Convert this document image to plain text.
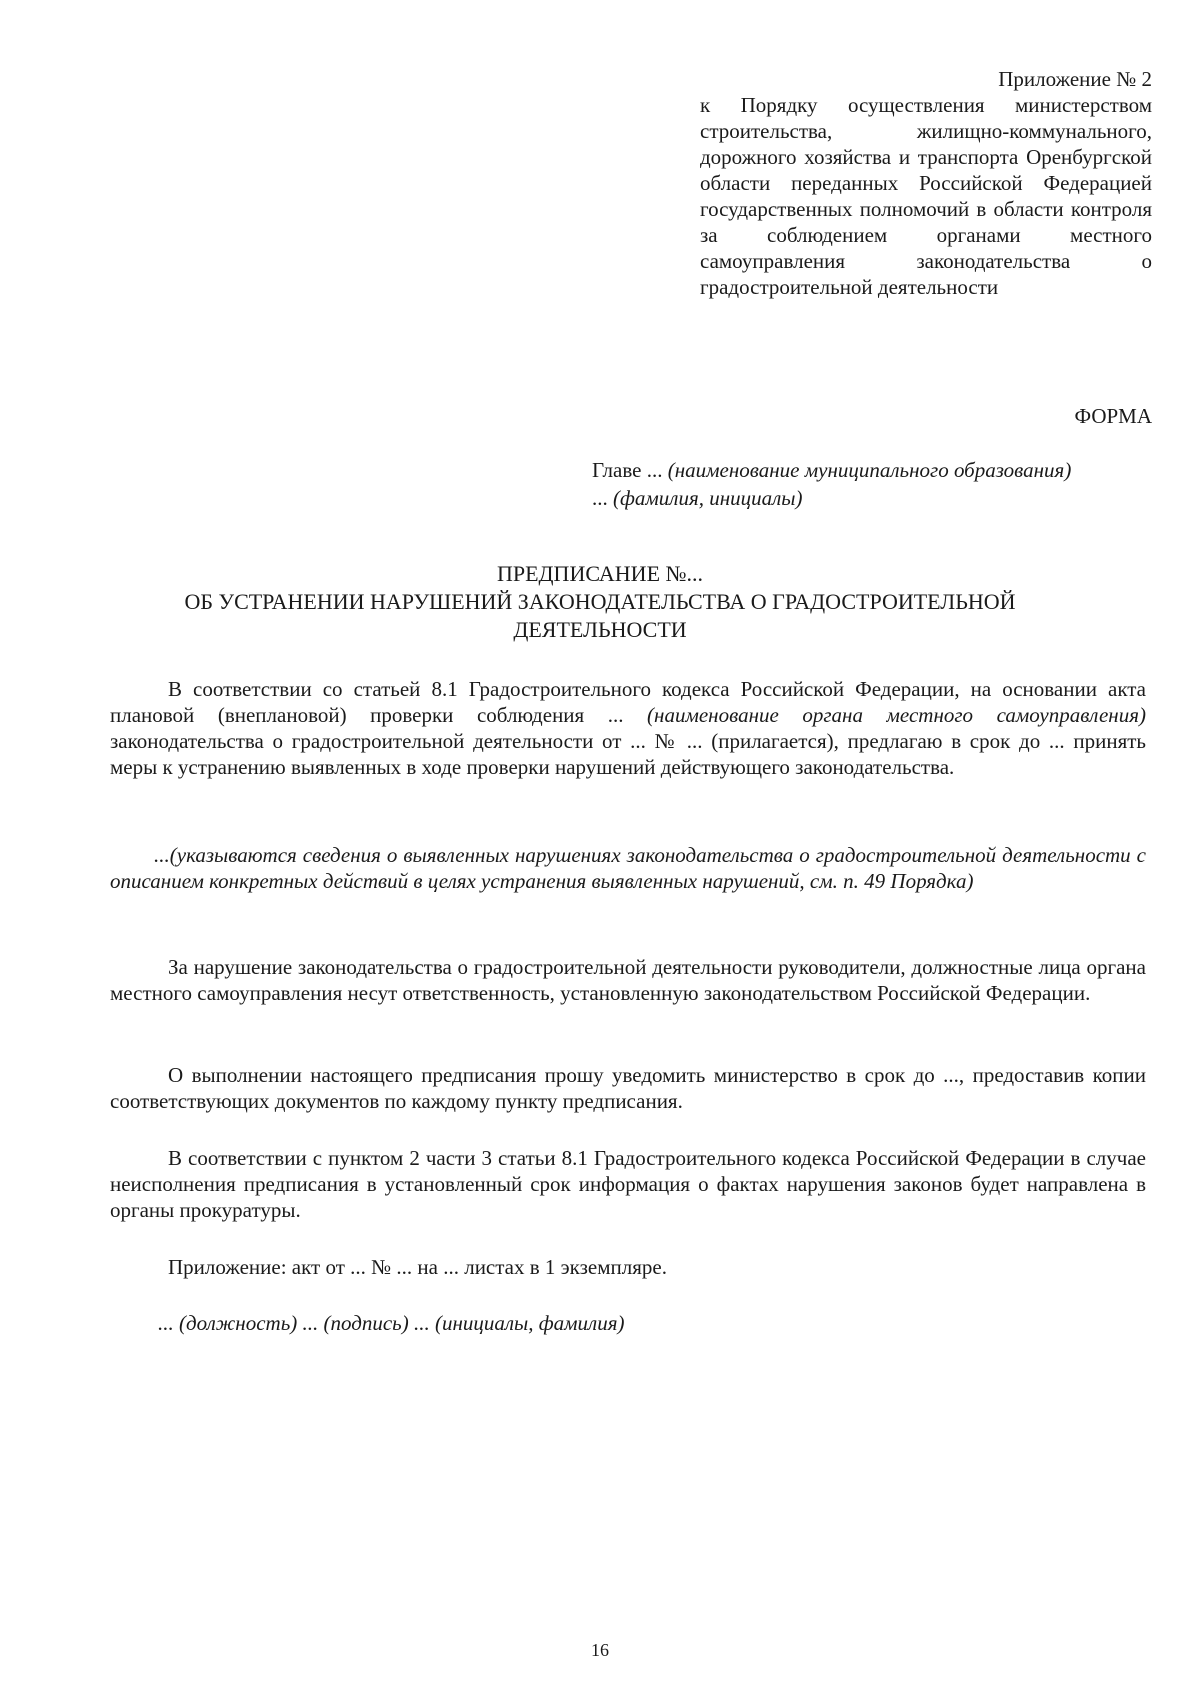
Приложение № 2
к Порядку осуществления министерством строительства, жилищно-коммунального, дорожного хозяйства и транспорта Оренбургской области переданных Российской Федерацией государственных полномочий в области контроля за соблюдением органами местного самоуправления законодательства о градостроительной деятельности
ФОРМА
Главе ... (наименование муниципального образования)
... (фамилия, инициалы)
ПРЕДПИСАНИЕ №...
ОБ УСТРАНЕНИИ НАРУШЕНИЙ ЗАКОНОДАТЕЛЬСТВА О ГРАДОСТРОИТЕЛЬНОЙ
ДЕЯТЕЛЬНОСТИ
В соответствии со статьей 8.1 Градостроительного кодекса Российской Федерации, на основании акта плановой (внеплановой) проверки соблюдения ... (наименование органа местного самоуправления) законодательства о градостроительной деятельности от ... № ... (прилагается), предлагаю в срок до ... принять меры к устранению выявленных в ходе проверки нарушений действующего законодательства.
...(указываются сведения о выявленных нарушениях законодательства о градостроительной деятельности с описанием конкретных действий в целях устранения выявленных нарушений, см. п. 49 Порядка)
За нарушение законодательства о градостроительной деятельности руководители, должностные лица органа местного самоуправления несут ответственность, установленную законодательством Российской Федерации.
О выполнении настоящего предписания прошу уведомить министерство в срок до ..., предоставив копии соответствующих документов по каждому пункту предписания.
В соответствии с пунктом 2 части 3 статьи 8.1 Градостроительного кодекса Российской Федерации в случае неисполнения предписания в установленный срок информация о фактах нарушения законов будет направлена в органы прокуратуры.
Приложение: акт от ... № ... на ... листах в 1 экземпляре.
... (должность) ... (подпись) ... (инициалы, фамилия)
16
